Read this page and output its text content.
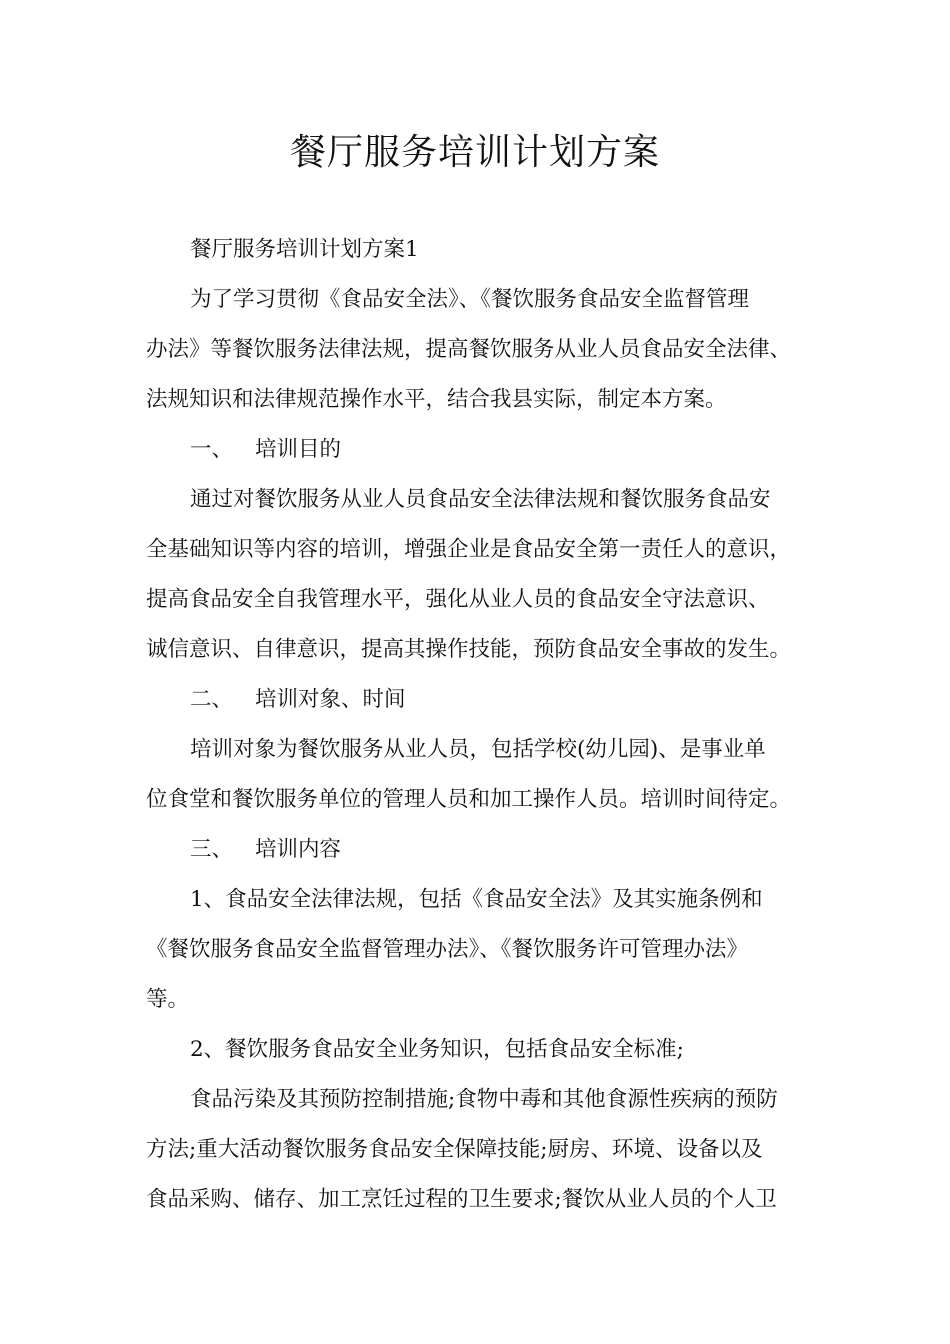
餐厅服务培训计划方案
餐厅服务培训计划方案1
为了学习贯彻《食品安全法》、《餐饮服务食品安全监督管理
办法》等餐饮服务法律法规，提高餐饮服务从业人员食品安全法律、
法规知识和法律规范操作水平，结合我县实际，制定本方案。
一、 培训目的
通过对餐饮服务从业人员食品安全法律法规和餐饮服务食品安
全基础知识等内容的培训，增强企业是食品安全第一责任人的意识，
提高食品安全自我管理水平，强化从业人员的食品安全守法意识、
诚信意识、自律意识，提高其操作技能，预防食品安全事故的发生。
二、 培训对象、时间
培训对象为餐饮服务从业人员，包括学校(幼儿园)、是事业单
位食堂和餐饮服务单位的管理人员和加工操作人员。培训时间待定。
三、 培训内容
1、食品安全法律法规，包括《食品安全法》及其实施条例和
《餐饮服务食品安全监督管理办法》、《餐饮服务许可管理办法》
等。
2、餐饮服务食品安全业务知识，包括食品安全标准;
食品污染及其预防控制措施;食物中毒和其他食源性疾病的预防
方法;重大活动餐饮服务食品安全保障技能;厨房、环境、设备以及
食品采购、储存、加工烹饪过程的卫生要求;餐饮从业人员的个人卫
